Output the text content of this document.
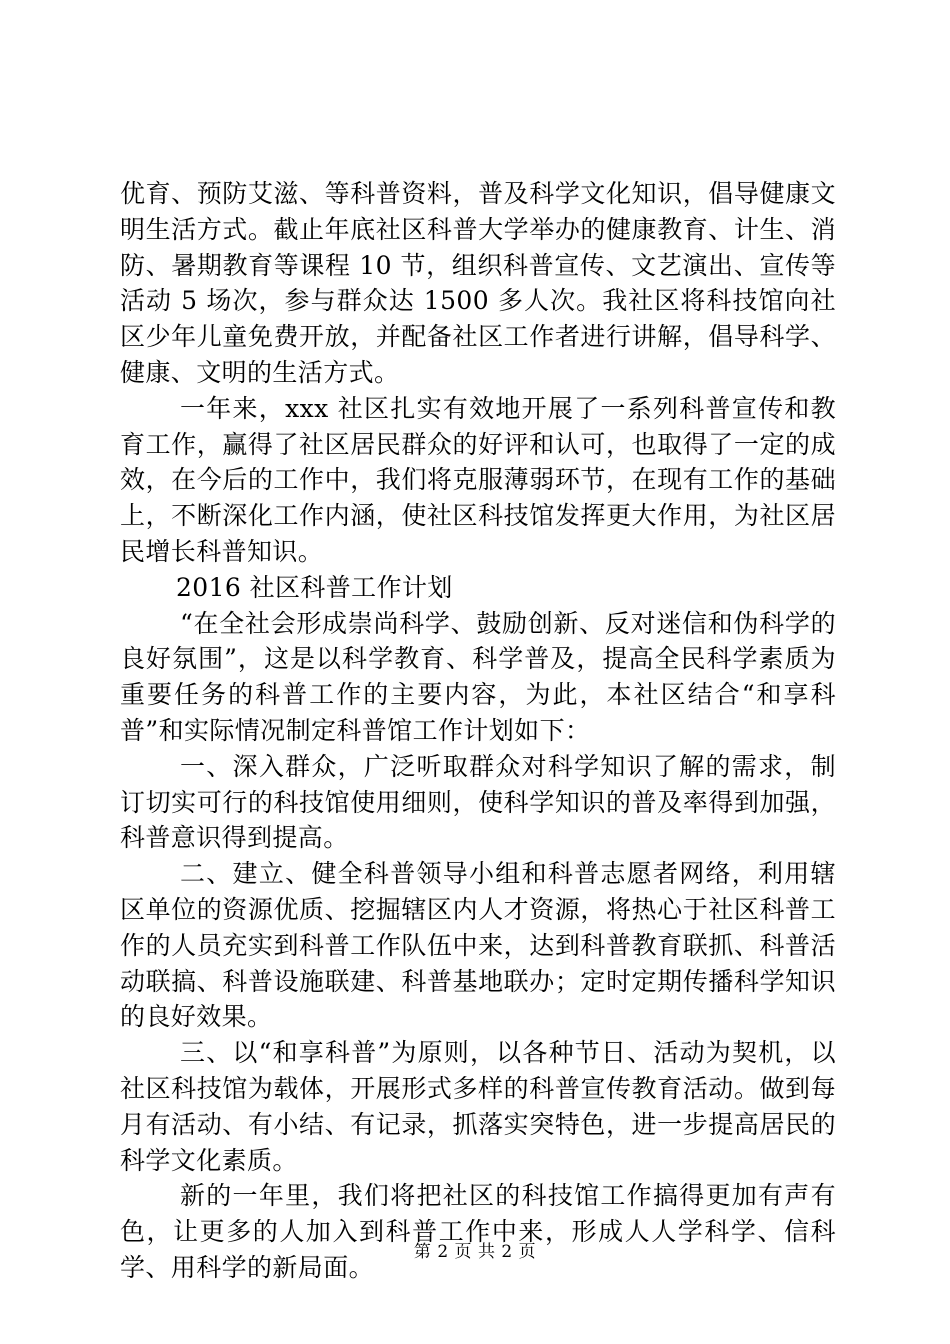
优育、预防艾滋、等科普资料，普及科学文化知识，倡导健康文明生活方式。截止年底社区科普大学举办的健康教育、计生、消防、暑期教育等课程 10 节，组织科普宣传、文艺演出、宣传等活动 5 场次，参与群众达 1500 多人次。我社区将科技馆向社区少年儿童免费开放，并配备社区工作者进行讲解，倡导科学、健康、文明的生活方式。

一年来，xxx 社区扎实有效地开展了一系列科普宣传和教育工作，赢得了社区居民群众的好评和认可，也取得了一定的成效，在今后的工作中，我们将克服薄弱环节，在现有工作的基础上，不断深化工作内涵，使社区科技馆发挥更大作用，为社区居民增长科普知识。

2016 社区科普工作计划

“在全社会形成崇尚科学、鼓励创新、反对迷信和伪科学的良好氛围”，这是以科学教育、科学普及，提高全民科学素质为重要任务的科普工作的主要内容，为此，本社区结合“和享科普”和实际情况制定科普馆工作计划如下：

一、深入群众，广泛听取群众对科学知识了解的需求，制订切实可行的科技馆使用细则，使科学知识的普及率得到加强，科普意识得到提高。

二、建立、健全科普领导小组和科普志愿者网络，利用辖区单位的资源优质、挖掘辖区内人才资源，将热心于社区科普工作的人员充实到科普工作队伍中来，达到科普教育联抓、科普活动联搞、科普设施联建、科普基地联办；定时定期传播科学知识的良好效果。

三、以“和享科普”为原则，以各种节日、活动为契机，以社区科技馆为载体，开展形式多样的科普宣传教育活动。做到每月有活动、有小结、有记录，抓落实突特色，进一步提高居民的科学文化素质。

新的一年里，我们将把社区的科技馆工作搞得更加有声有色，让更多的人加入到科普工作中来，形成人人学科学、信科学、用科学的新局面。

第 2 页 共 2 页
